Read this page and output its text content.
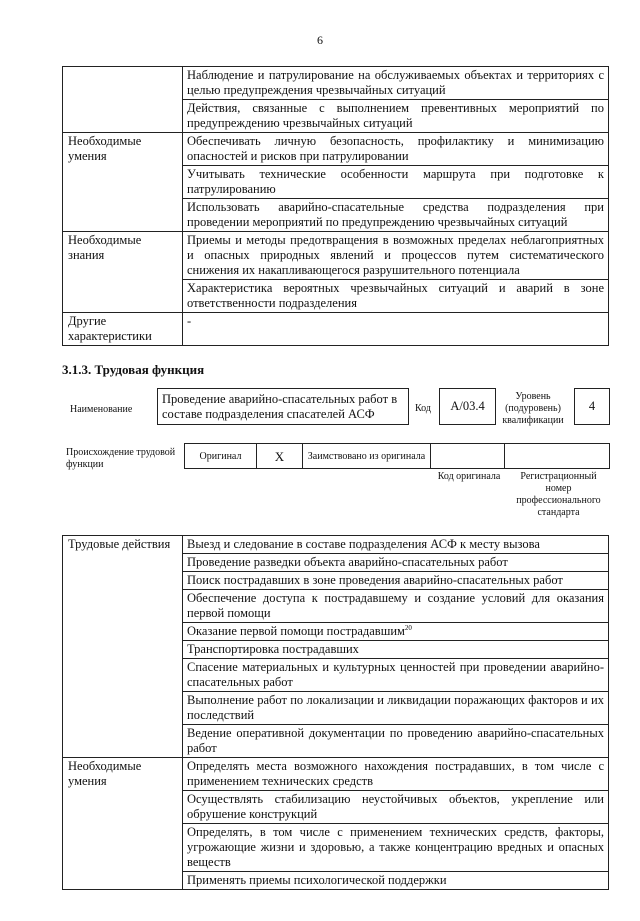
6
	Наблюдение и патрулирование на обслуживаемых объектах и территориях с целью предупреждения чрезвычайных ситуаций
	Действия, связанные с выполнением превентивных мероприятий по предупреждению чрезвычайных ситуаций
Необходимые умения	Обеспечивать личную безопасность, профилактику и минимизацию опасностей и рисков при патрулировании
	Учитывать технические особенности маршрута при подготовке к патрулированию
	Использовать аварийно-спасательные средства подразделения при проведении мероприятий по предупреждению чрезвычайных ситуаций
Необходимые знания	Приемы и методы предотвращения в возможных пределах неблагоприятных и опасных природных явлений и процессов путем систематического снижения их накапливающегося разрушительного потенциала
	Характеристика вероятных чрезвычайных ситуаций и аварий в зоне ответственности подразделения
Другие характеристики	-
3.1.3. Трудовая функция
Наименование
Проведение аварийно-спасательных работ в составе подразделения спасателей АСФ	Код	А/03.4
Уровень (подуровень) квалификации
4
Происхождение трудовой функции
Оригинал	X	Заимствовано из оригинала
Код оригинала	Регистрационный номер профессионального стандарта
Трудовые действия	Выезд и следование в составе подразделения АСФ к месту вызова
	Проведение разведки объекта аварийно-спасательных работ
	Поиск пострадавших в зоне проведения аварийно-спасательных работ
	Обеспечение доступа к пострадавшему и создание условий для оказания первой помощи
	Оказание первой помощи пострадавшим$^{20}$
	Транспортировка пострадавших
	Спасение материальных и культурных ценностей при проведении аварийно-спасательных работ
	Выполнение работ по локализации и ликвидации поражающих факторов и их последствий
	Ведение оперативной документации по проведению аварийно-спасательных работ
Необходимые умения	Определять места возможного нахождения пострадавших, в том числе с применением технических средств
	Осуществлять стабилизацию неустойчивых объектов, укрепление или обрушение конструкций
	Определять, в том числе с применением технических средств, факторы, угрожающие жизни и здоровью, а также концентрацию вредных и опасных веществ
	Применять приемы психологической поддержки
